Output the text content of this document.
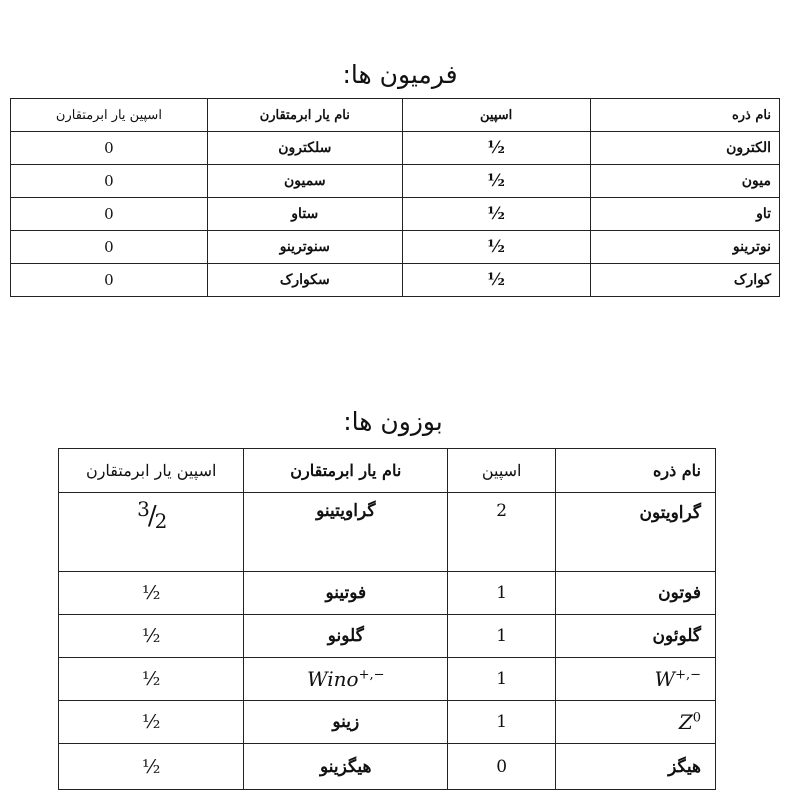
فرمیون ها:
نام ذره	اسپین	نام یار ابرمتقارن	اسپین یار ابرمتقارن
الکترون	½	سلکترون	0
میون	½	سمیون	0
تاو	½	ستاو	0
نوترینو	½	سنوترینو	0
کوارک	½	سکوارک	0
بوزون ها:
نام ذره	اسپین	نام یار ابرمتقارن	اسپین یار ابرمتقارن
گراویتون	2	گراویتینو	$^3$/2
فوتون	1	فوتینو	½
گلوئون	1	گلونو	½
W+,−	1	Wino+,−	½
$Z^0$	1	زینو	½
هیگز	0	هیگزینو	½
